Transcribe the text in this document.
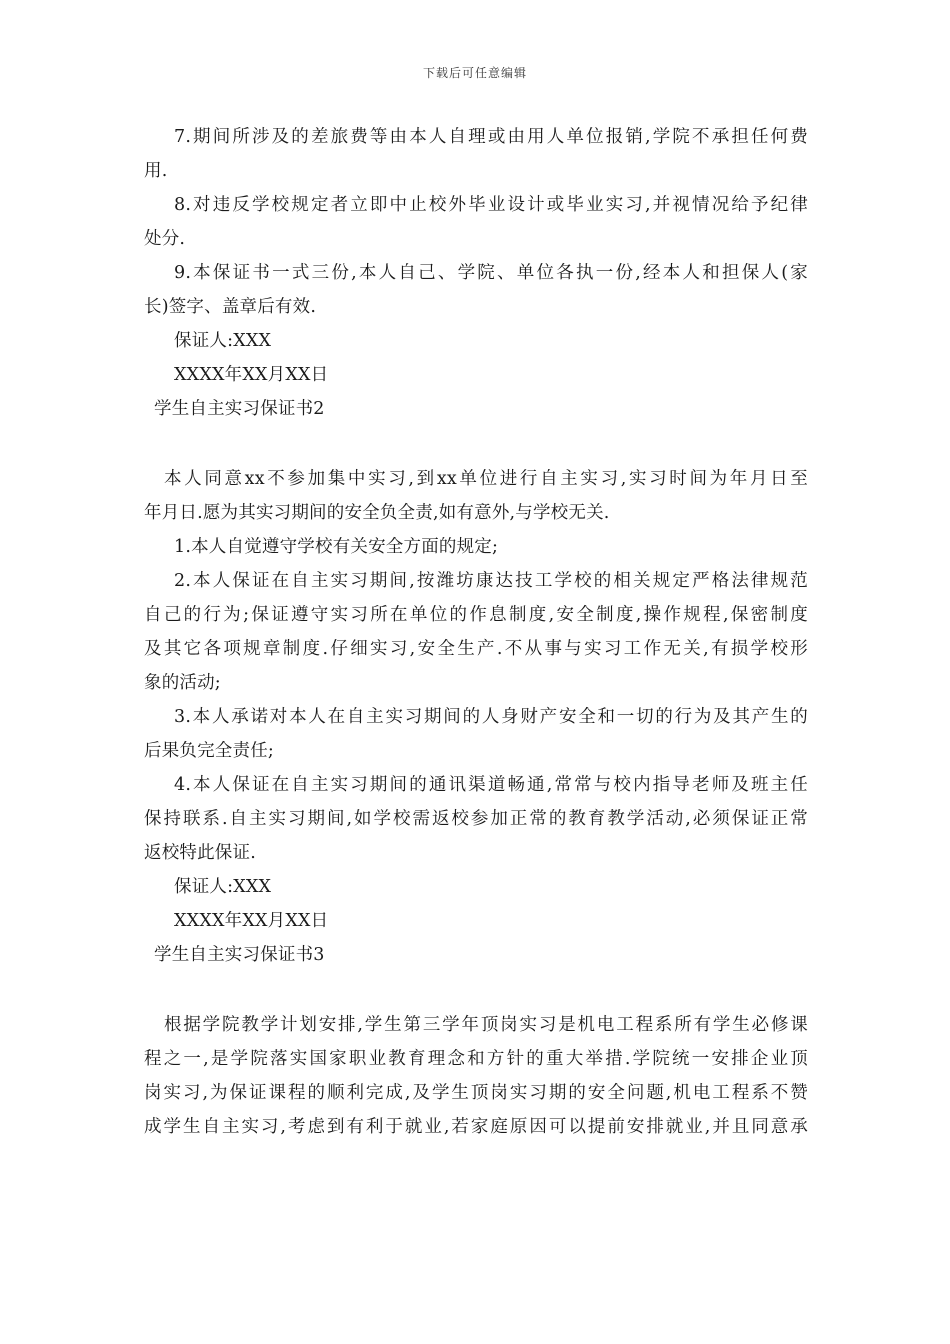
下载后可任意编辑
7.期间所涉及的差旅费等由本人自理或由用人单位报销,学院不承担任何费
用.
8.对违反学校规定者立即中止校外毕业设计或毕业实习,并视情况给予纪律
处分.
9.本保证书一式三份,本人自己、学院、单位各执一份,经本人和担保人(家
长)签字、盖章后有效.
保证人:XXX
XXXX年XX月XX日
学生自主实习保证书2
本人同意xx不参加集中实习,到xx单位进行自主实习,实习时间为年月日至
年月日.愿为其实习期间的安全负全责,如有意外,与学校无关.
1.本人自觉遵守学校有关安全方面的规定;
2.本人保证在自主实习期间,按潍坊康达技工学校的相关规定严格法律规范
自己的行为;保证遵守实习所在单位的作息制度,安全制度,操作规程,保密制度
及其它各项规章制度.仔细实习,安全生产.不从事与实习工作无关,有损学校形
象的活动;
3.本人承诺对本人在自主实习期间的人身财产安全和一切的行为及其产生的
后果负完全责任;
4.本人保证在自主实习期间的通讯渠道畅通,常常与校内指导老师及班主任
保持联系.自主实习期间,如学校需返校参加正常的教育教学活动,必须保证正常
返校特此保证.
保证人:XXX
XXXX年XX月XX日
学生自主实习保证书3
根据学院教学计划安排,学生第三学年顶岗实习是机电工程系所有学生必修课
程之一,是学院落实国家职业教育理念和方针的重大举措.学院统一安排企业顶
岗实习,为保证课程的顺利完成,及学生顶岗实习期的安全问题,机电工程系不赞
成学生自主实习,考虑到有利于就业,若家庭原因可以提前安排就业,并且同意承
